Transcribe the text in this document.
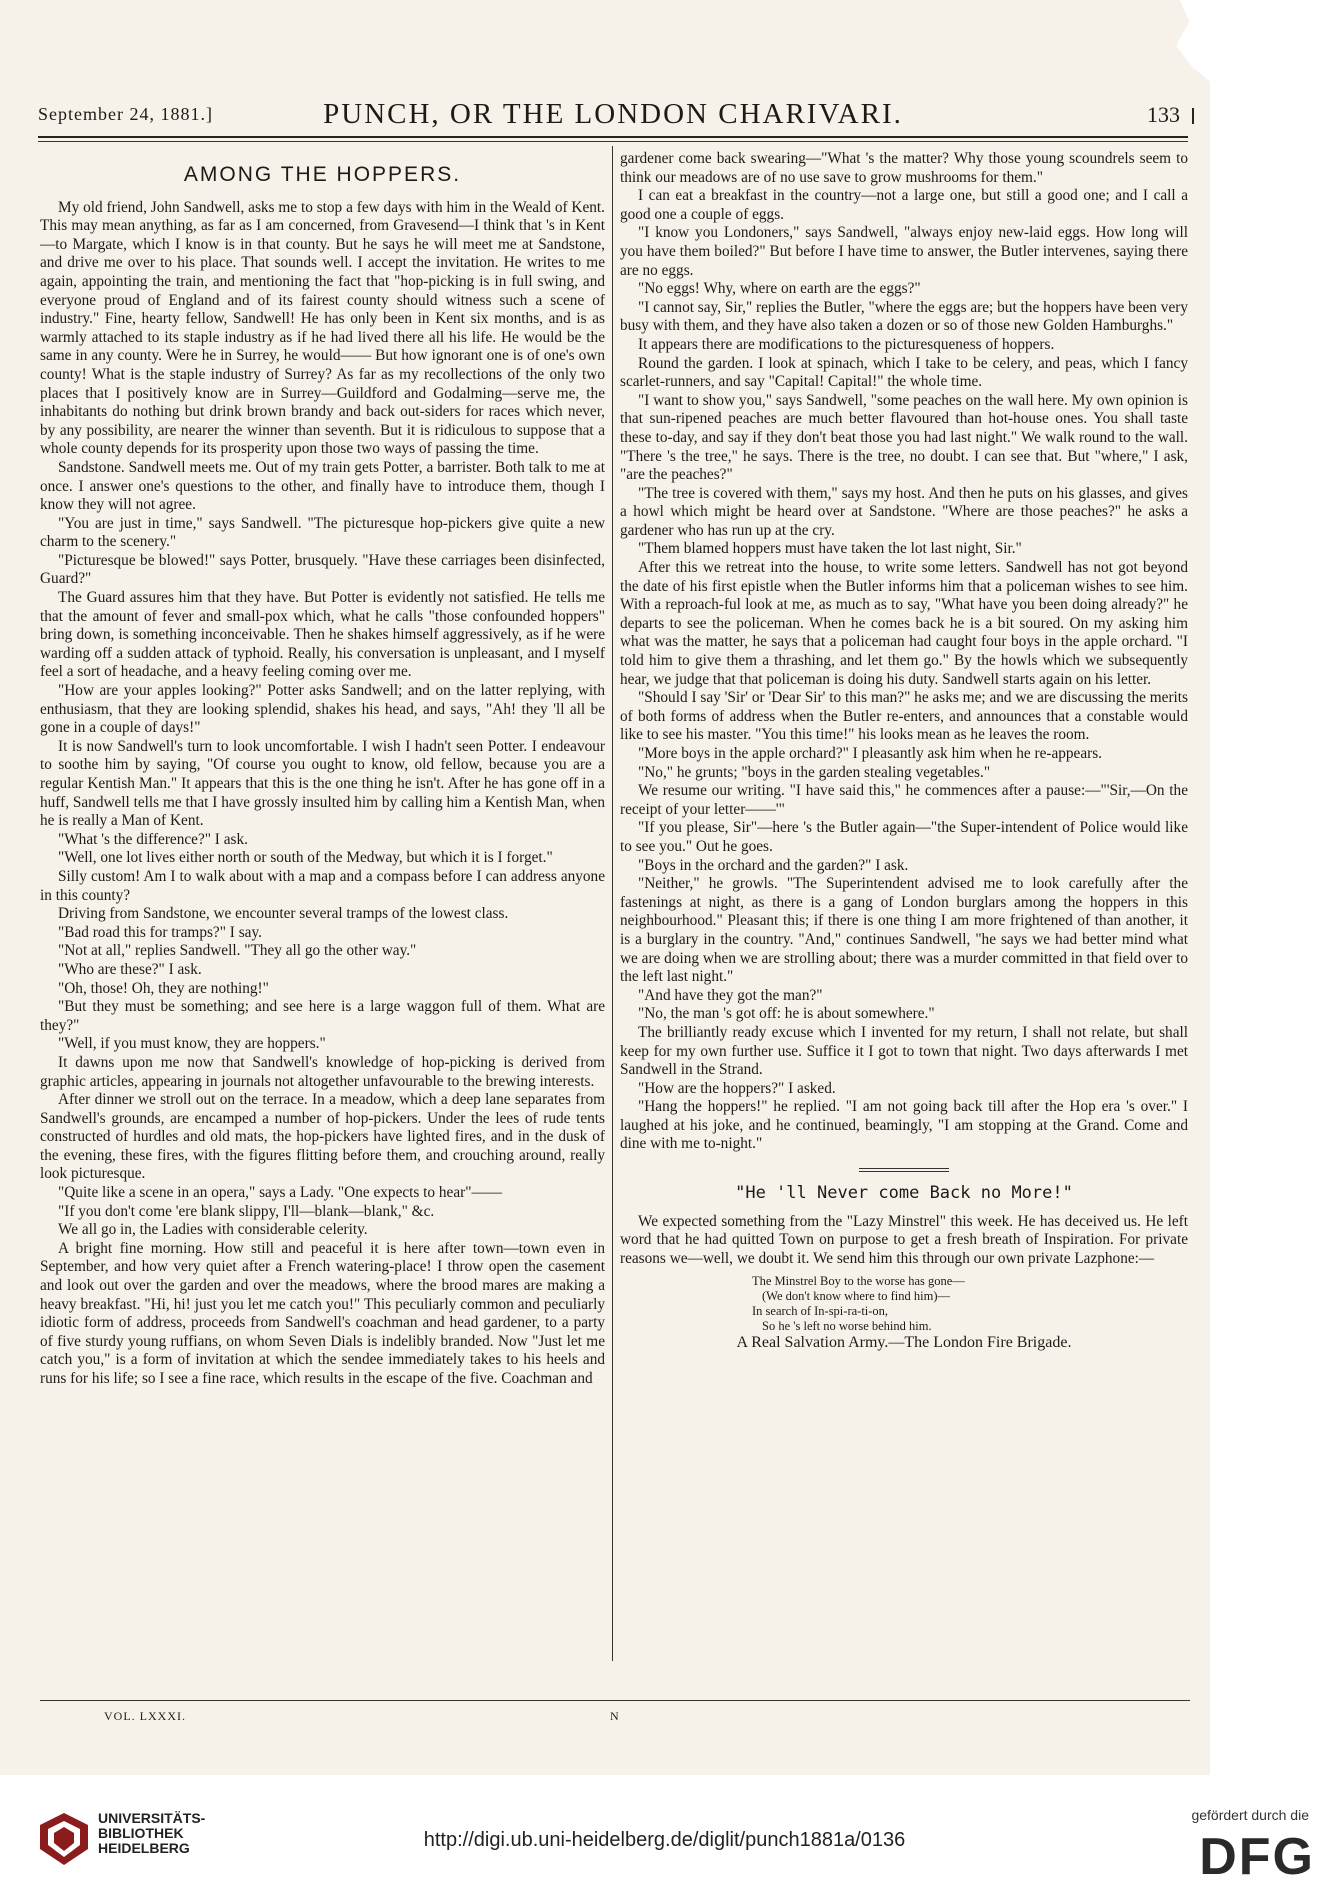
September 24, 1881.]	PUNCH, OR THE LONDON CHARIVARI.	133
AMONG THE HOPPERS.

My old friend, John Sandwell, asks me to stop a few days with him in the Weald of Kent. This may mean anything, as far as I am concerned, from Gravesend—I think that 's in Kent—to Margate, which I know is in that county. But he says he will meet me at Sandstone, and drive me over to his place. That sounds well. I accept the invitation. He writes to me again, appointing the train, and mentioning the fact that "hop-picking is in full swing, and everyone proud of England and of its fairest county should witness such a scene of industry." Fine, hearty fellow, Sandwell! He has only been in Kent six months, and is as warmly attached to its staple industry as if he had lived there all his life. He would be the same in any county. Were he in Surrey, he would—— But how ignorant one is of one's own county! What is the staple industry of Surrey? As far as my recollections of the only two places that I positively know are in Surrey—Guildford and Godalming—serve me, the inhabitants do nothing but drink brown brandy and back out-siders for races which never, by any possibility, are nearer the winner than seventh. But it is ridiculous to suppose that a whole county depends for its prosperity upon those two ways of passing the time.

Sandstone. Sandwell meets me. Out of my train gets Potter, a barrister. Both talk to me at once. I answer one's questions to the other, and finally have to introduce them, though I know they will not agree.

"You are just in time," says Sandwell. "The picturesque hop-pickers give quite a new charm to the scenery."

"Picturesque be blowed!" says Potter, brusquely. "Have these carriages been disinfected, Guard?"

The Guard assures him that they have. But Potter is evidently not satisfied. He tells me that the amount of fever and small-pox which, what he calls "those confounded hoppers" bring down, is something inconceivable. Then he shakes himself aggressively, as if he were warding off a sudden attack of typhoid. Really, his conversation is unpleasant, and I myself feel a sort of headache, and a heavy feeling coming over me.

"How are your apples looking?" Potter asks Sandwell; and on the latter replying, with enthusiasm, that they are looking splendid, shakes his head, and says, "Ah! they 'll all be gone in a couple of days!"

It is now Sandwell's turn to look uncomfortable. I wish I hadn't seen Potter. I endeavour to soothe him by saying, "Of course you ought to know, old fellow, because you are a regular Kentish Man." It appears that this is the one thing he isn't. After he has gone off in a huff, Sandwell tells me that I have grossly insulted him by calling him a Kentish Man, when he is really a Man of Kent.

"What 's the difference?" I ask.

"Well, one lot lives either north or south of the Medway, but which it is I forget."

Silly custom! Am I to walk about with a map and a compass before I can address anyone in this county?

Driving from Sandstone, we encounter several tramps of the lowest class.

"Bad road this for tramps?" I say.

"Not at all," replies Sandwell. "They all go the other way."

"Who are these?" I ask.

"Oh, those! Oh, they are nothing!"

"But they must be something; and see here is a large waggon full of them. What are they?"

"Well, if you must know, they are hoppers."

It dawns upon me now that Sandwell's knowledge of hop-picking is derived from graphic articles, appearing in journals not altogether unfavourable to the brewing interests.

After dinner we stroll out on the terrace. In a meadow, which a deep lane separates from Sandwell's grounds, are encamped a number of hop-pickers. Under the lees of rude tents constructed of hurdles and old mats, the hop-pickers have lighted fires, and in the dusk of the evening, these fires, with the figures flitting before them, and crouching around, really look picturesque.

"Quite like a scene in an opera," says a Lady. "One expects to hear"——

"If you don't come 'ere blank slippy, I'll—blank—blank," &c.

We all go in, the Ladies with considerable celerity.

A bright fine morning. How still and peaceful it is here after town—town even in September, and how very quiet after a French watering-place! I throw open the casement and look out over the garden and over the meadows, where the brood mares are making a heavy breakfast. "Hi, hi! just you let me catch you!" This peculiarly common and peculiarly idiotic form of address, proceeds from Sandwell's coachman and head gardener, to a party of five sturdy young ruffians, on whom Seven Dials is indelibly branded. Now "Just let me catch you," is a form of invitation at which the sendee immediately takes to his heels and runs for his life; so I see a fine race, which results in the escape of the five. Coachman and

gardener come back swearing—"What 's the matter? Why those young scoundrels seem to think our meadows are of no use save to grow mushrooms for them."

I can eat a breakfast in the country—not a large one, but still a good one; and I call a good one a couple of eggs.

"I know you Londoners," says Sandwell, "always enjoy new-laid eggs. How long will you have them boiled?" But before I have time to answer, the Butler intervenes, saying there are no eggs.

"No eggs! Why, where on earth are the eggs?"

"I cannot say, Sir," replies the Butler, "where the eggs are; but the hoppers have been very busy with them, and they have also taken a dozen or so of those new Golden Hamburghs."

It appears there are modifications to the picturesqueness of hoppers.

Round the garden. I look at spinach, which I take to be celery, and peas, which I fancy scarlet-runners, and say "Capital! Capital!" the whole time.

"I want to show you," says Sandwell, "some peaches on the wall here. My own opinion is that sun-ripened peaches are much better flavoured than hot-house ones. You shall taste these to-day, and say if they don't beat those you had last night." We walk round to the wall. "There 's the tree," he says. There is the tree, no doubt. I can see that. But "where," I ask, "are the peaches?"

"The tree is covered with them," says my host. And then he puts on his glasses, and gives a howl which might be heard over at Sandstone. "Where are those peaches?" he asks a gardener who has run up at the cry.

"Them blamed hoppers must have taken the lot last night, Sir."

After this we retreat into the house, to write some letters. Sandwell has not got beyond the date of his first epistle when the Butler informs him that a policeman wishes to see him. With a reproach-ful look at me, as much as to say, "What have you been doing already?" he departs to see the policeman. When he comes back he is a bit soured. On my asking him what was the matter, he says that a policeman had caught four boys in the apple orchard. "I told him to give them a thrashing, and let them go." By the howls which we subsequently hear, we judge that that policeman is doing his duty. Sandwell starts again on his letter.

"Should I say 'Sir' or 'Dear Sir' to this man?" he asks me; and we are discussing the merits of both forms of address when the Butler re-enters, and announces that a constable would like to see his master. "You this time!" his looks mean as he leaves the room.

"More boys in the apple orchard?" I pleasantly ask him when he re-appears.

"No," he grunts; "boys in the garden stealing vegetables."

We resume our writing. "I have said this," he commences after a pause:—"'Sir,—On the receipt of your letter——'"

"If you please, Sir"—here 's the Butler again—"the Super-intendent of Police would like to see you." Out he goes.

"Boys in the orchard and the garden?" I ask.

"Neither," he growls. "The Superintendent advised me to look carefully after the fastenings at night, as there is a gang of London burglars among the hoppers in this neighbourhood." Pleasant this; if there is one thing I am more frightened of than another, it is a burglary in the country. "And," continues Sandwell, "he says we had better mind what we are doing when we are strolling about; there was a murder committed in that field over to the left last night."

"And have they got the man?"

"No, the man 's got off: he is about somewhere."

The brilliantly ready excuse which I invented for my return, I shall not relate, but shall keep for my own further use. Suffice it I got to town that night. Two days afterwards I met Sandwell in the Strand.

"How are the hoppers?" I asked.

"Hang the hoppers!" he replied. "I am not going back till after the Hop era 's over." I laughed at his joke, and he continued, beamingly, "I am stopping at the Grand. Come and dine with me to-night."

"He 'll Never come Back no More!"

We expected something from the "Lazy Minstrel" this week. He has deceived us. He left word that he had quitted Town on purpose to get a fresh breath of Inspiration. For private reasons we—well, we doubt it. We send him this through our own private Lazphone:—

The Minstrel Boy to the worse has gone—
(We don't know where to find him)—
In search of In-spi-ra-ti-on,
So he 's left no worse behind him.

A Real Salvation Army.—The London Fire Brigade.

VOL. LXXXI.	N
UNIVERSITÄTS-
BIBLIOTHEK
HEIDELBERG	http://digi.ub.uni-heidelberg.de/diglit/punch1881a/0136
gefördert durch die
DFG
